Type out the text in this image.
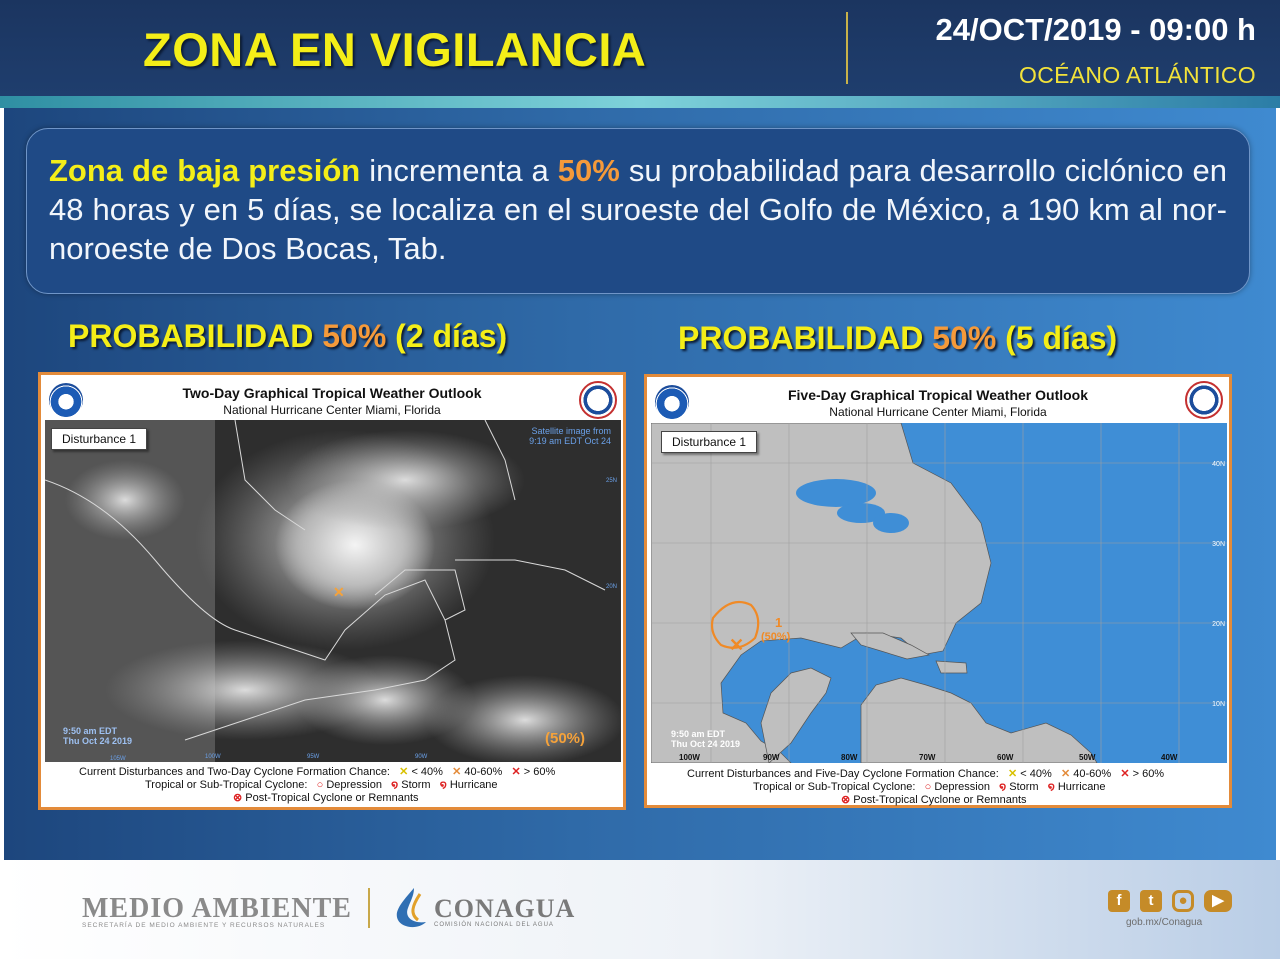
ZONA EN VIGILANCIA	24/OCT/2019 - 09:00 h
OCÉANO ATLÁNTICO

Zona de baja presión incrementa a 50% su probabilidad para desarrollo ciclónico en 48 horas y en 5 días, se localiza en el suroeste del Golfo de México, a 190 km al nor-noroeste de Dos Bocas, Tab.

PROBABILIDAD 50% (2 días)	PROBABILIDAD 50% (5 días)
Two-Day Graphical Tropical Weather Outlook
National Hurricane Center Miami, Florida
Disturbance 1
Satellite image from
9:19 am EDT Oct 24
25N
20N
105W	100W	95W	90W
✕
9:50 am EDT
Thu Oct 24 2019	(50%)
Current Disturbances and Two-Day Cyclone Formation Chance: ✕ < 40% ✕ 40-60% ✕ > 60%
Tropical or Sub-Tropical Cyclone: ○ Depression ໑ Storm ໑ Hurricane
⊗ Post-Tropical Cyclone or Remnants
Five-Day Graphical Tropical Weather Outlook
National Hurricane Center Miami, Florida
Disturbance 1
✕
1
(50%)
9:50 am EDT
Thu Oct 24 2019
100W	90W	80W	70W	60W	50W	40W
40N
30N
20N
10N
Current Disturbances and Five-Day Cyclone Formation Chance: ✕ < 40% ✕ 40-60% ✕ > 60%
Tropical or Sub-Tropical Cyclone: ○ Depression ໑ Storm ໑ Hurricane
⊗ Post-Tropical Cyclone or Remnants
MEDIO AMBIENTE
SECRETARÍA DE MEDIO AMBIENTE Y RECURSOS NATURALES
CONAGUA
COMISIÓN NACIONAL DEL AGUA
f	t	●	▶
gob.mx/Conagua
